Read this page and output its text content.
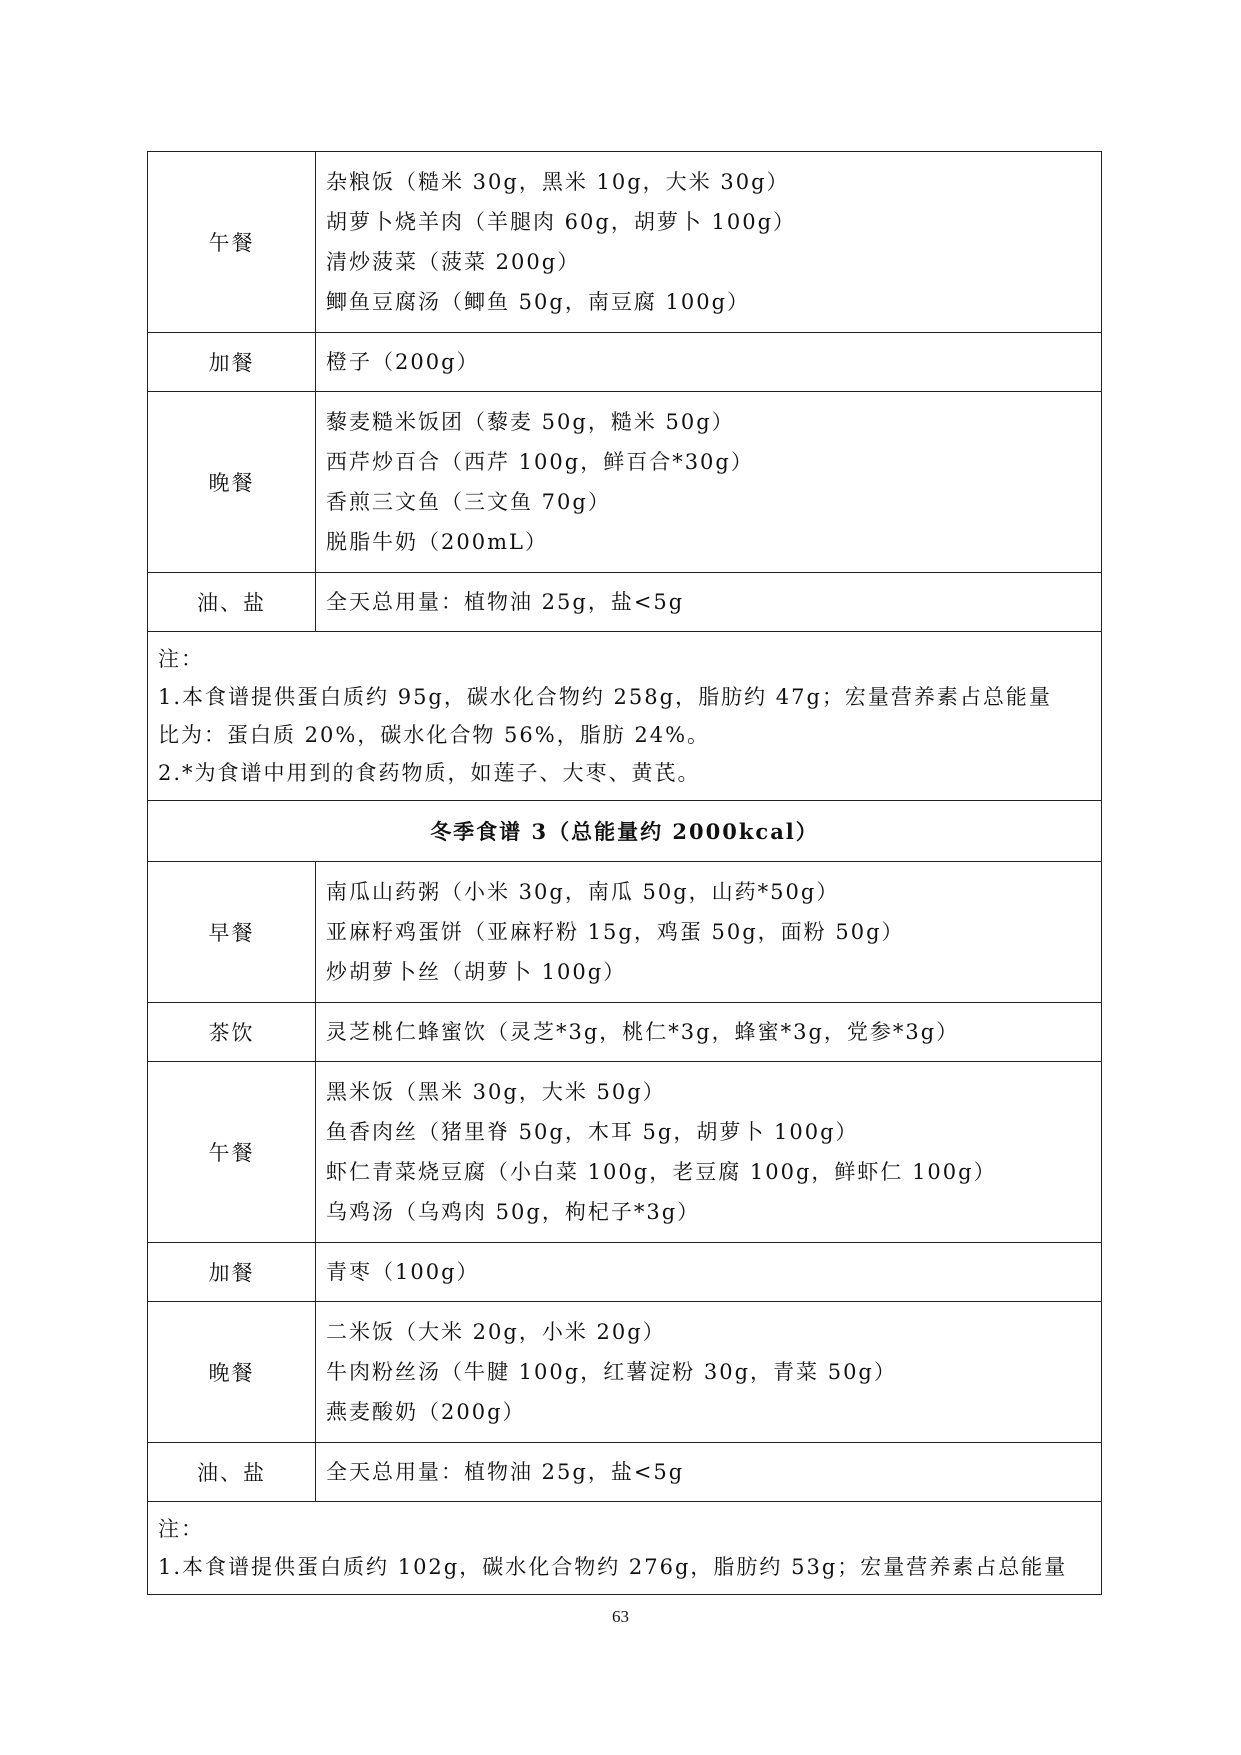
午餐	杂粮饭（糙米 30g，黑米 10g，大米 30g）
胡萝卜烧羊肉（羊腿肉 60g，胡萝卜 100g）
清炒菠菜（菠菜 200g）
鲫鱼豆腐汤（鲫鱼 50g，南豆腐 100g）

加餐	橙子（200g）

晚餐	藜麦糙米饭团（藜麦 50g，糙米 50g）
西芹炒百合（西芹 100g，鲜百合*30g）
香煎三文鱼（三文鱼 70g）
脱脂牛奶（200mL）

油、盐	全天总用量：植物油 25g，盐<5g

注：
1.本食谱提供蛋白质约 95g，碳水化合物约 258g，脂肪约 47g；宏量营养素占总能量
比为：蛋白质 20%，碳水化合物 56%，脂肪 24%。
2.*为食谱中用到的食药物质，如莲子、大枣、黄芪。	

冬季食谱 3（总能量约 2000kcal）	
早餐	南瓜山药粥（小米 30g，南瓜 50g，山药*50g）
亚麻籽鸡蛋饼（亚麻籽粉 15g，鸡蛋 50g，面粉 50g）
炒胡萝卜丝（胡萝卜 100g）

茶饮	灵芝桃仁蜂蜜饮（灵芝*3g，桃仁*3g，蜂蜜*3g，党参*3g）

午餐	黑米饭（黑米 30g，大米 50g）
鱼香肉丝（猪里脊 50g，木耳 5g，胡萝卜 100g）
虾仁青菜烧豆腐（小白菜 100g，老豆腐 100g，鲜虾仁 100g）
乌鸡汤（乌鸡肉 50g，枸杞子*3g）

加餐	青枣（100g）

晚餐	二米饭（大米 20g，小米 20g）
牛肉粉丝汤（牛腱 100g，红薯淀粉 30g，青菜 50g）
燕麦酸奶（200g）

油、盐	全天总用量：植物油 25g，盐<5g

注：
1.本食谱提供蛋白质约 102g，碳水化合物约 276g，脂肪约 53g；宏量营养素占总能量	
63
